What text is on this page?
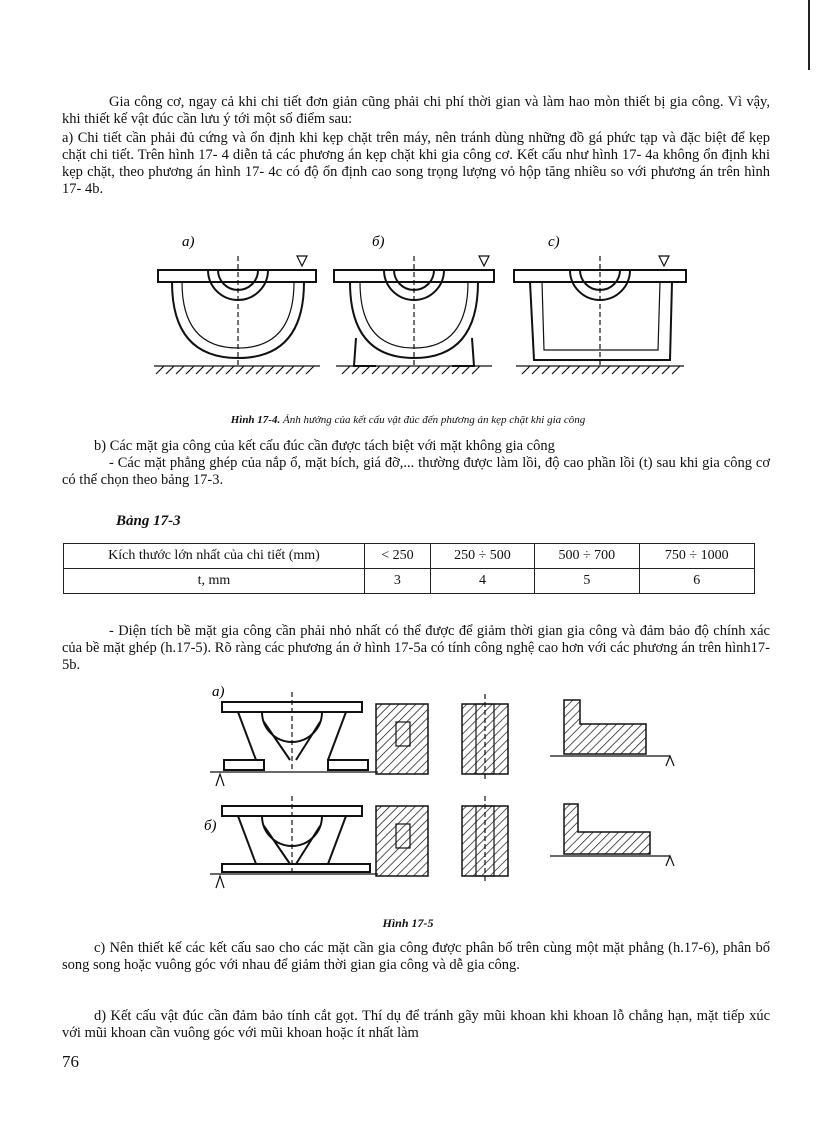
Gia công cơ, ngay cả khi chi tiết đơn giản cũng phải chi phí thời gian và làm hao mòn thiết bị gia công. Vì vậy, khi thiết kế vật đúc cần lưu ý tới một số điểm sau:

a) Chi tiết cần phải đủ cứng và ổn định khi kẹp chặt trên máy, nên tránh dùng những đồ gá phức tạp và đặc biệt để kẹp chặt chi tiết. Trên hình 17- 4 diễn tả các phương án kẹp chặt khi gia công cơ. Kết cấu như hình 17- 4a không ổn định khi kẹp chặt, theo phương án hình 17- 4c có độ ổn định cao song trọng lượng vỏ hộp tăng nhiều so với phương án trên hình 17- 4b.

a)	б)	c)
Hình 17-4. Ảnh hưởng của kết cấu vật đúc đến phương án kẹp chặt khi gia công

b) Các mặt gia công của kết cấu đúc cần được tách biệt với mặt không gia công

- Các mặt phẳng ghép của nắp ổ, mặt bích, giá đỡ,... thường được làm lồi, độ cao phần lồi (t) sau khi gia công cơ có thể chọn theo bảng 17-3.

Bảng 17-3
Kích thước lớn nhất của chi tiết (mm)	< 250	250 ÷ 500	500 ÷ 700	750 ÷ 1000
t, mm	3	4	5	6

- Diện tích bề mặt gia công cần phải nhỏ nhất có thể được để giảm thời gian gia công và đảm bảo độ chính xác của bề mặt ghép (h.17-5). Rõ ràng các phương án ở hình 17-5a có tính công nghệ cao hơn với các phương án trên hình17-5b.

a)
б)
Hình 17-5

c) Nên thiết kế các kết cấu sao cho các mặt cần gia công được phân bố trên cùng một mặt phẳng (h.17-6), phân bố song song hoặc vuông góc với nhau để giảm thời gian gia công và dễ gia công.

d) Kết cấu vật đúc cần đảm bảo tính cắt gọt. Thí dụ để tránh gãy mũi khoan khi khoan lỗ chẳng hạn, mặt tiếp xúc với mũi khoan cần vuông góc với mũi khoan hoặc ít nhất làm

76
